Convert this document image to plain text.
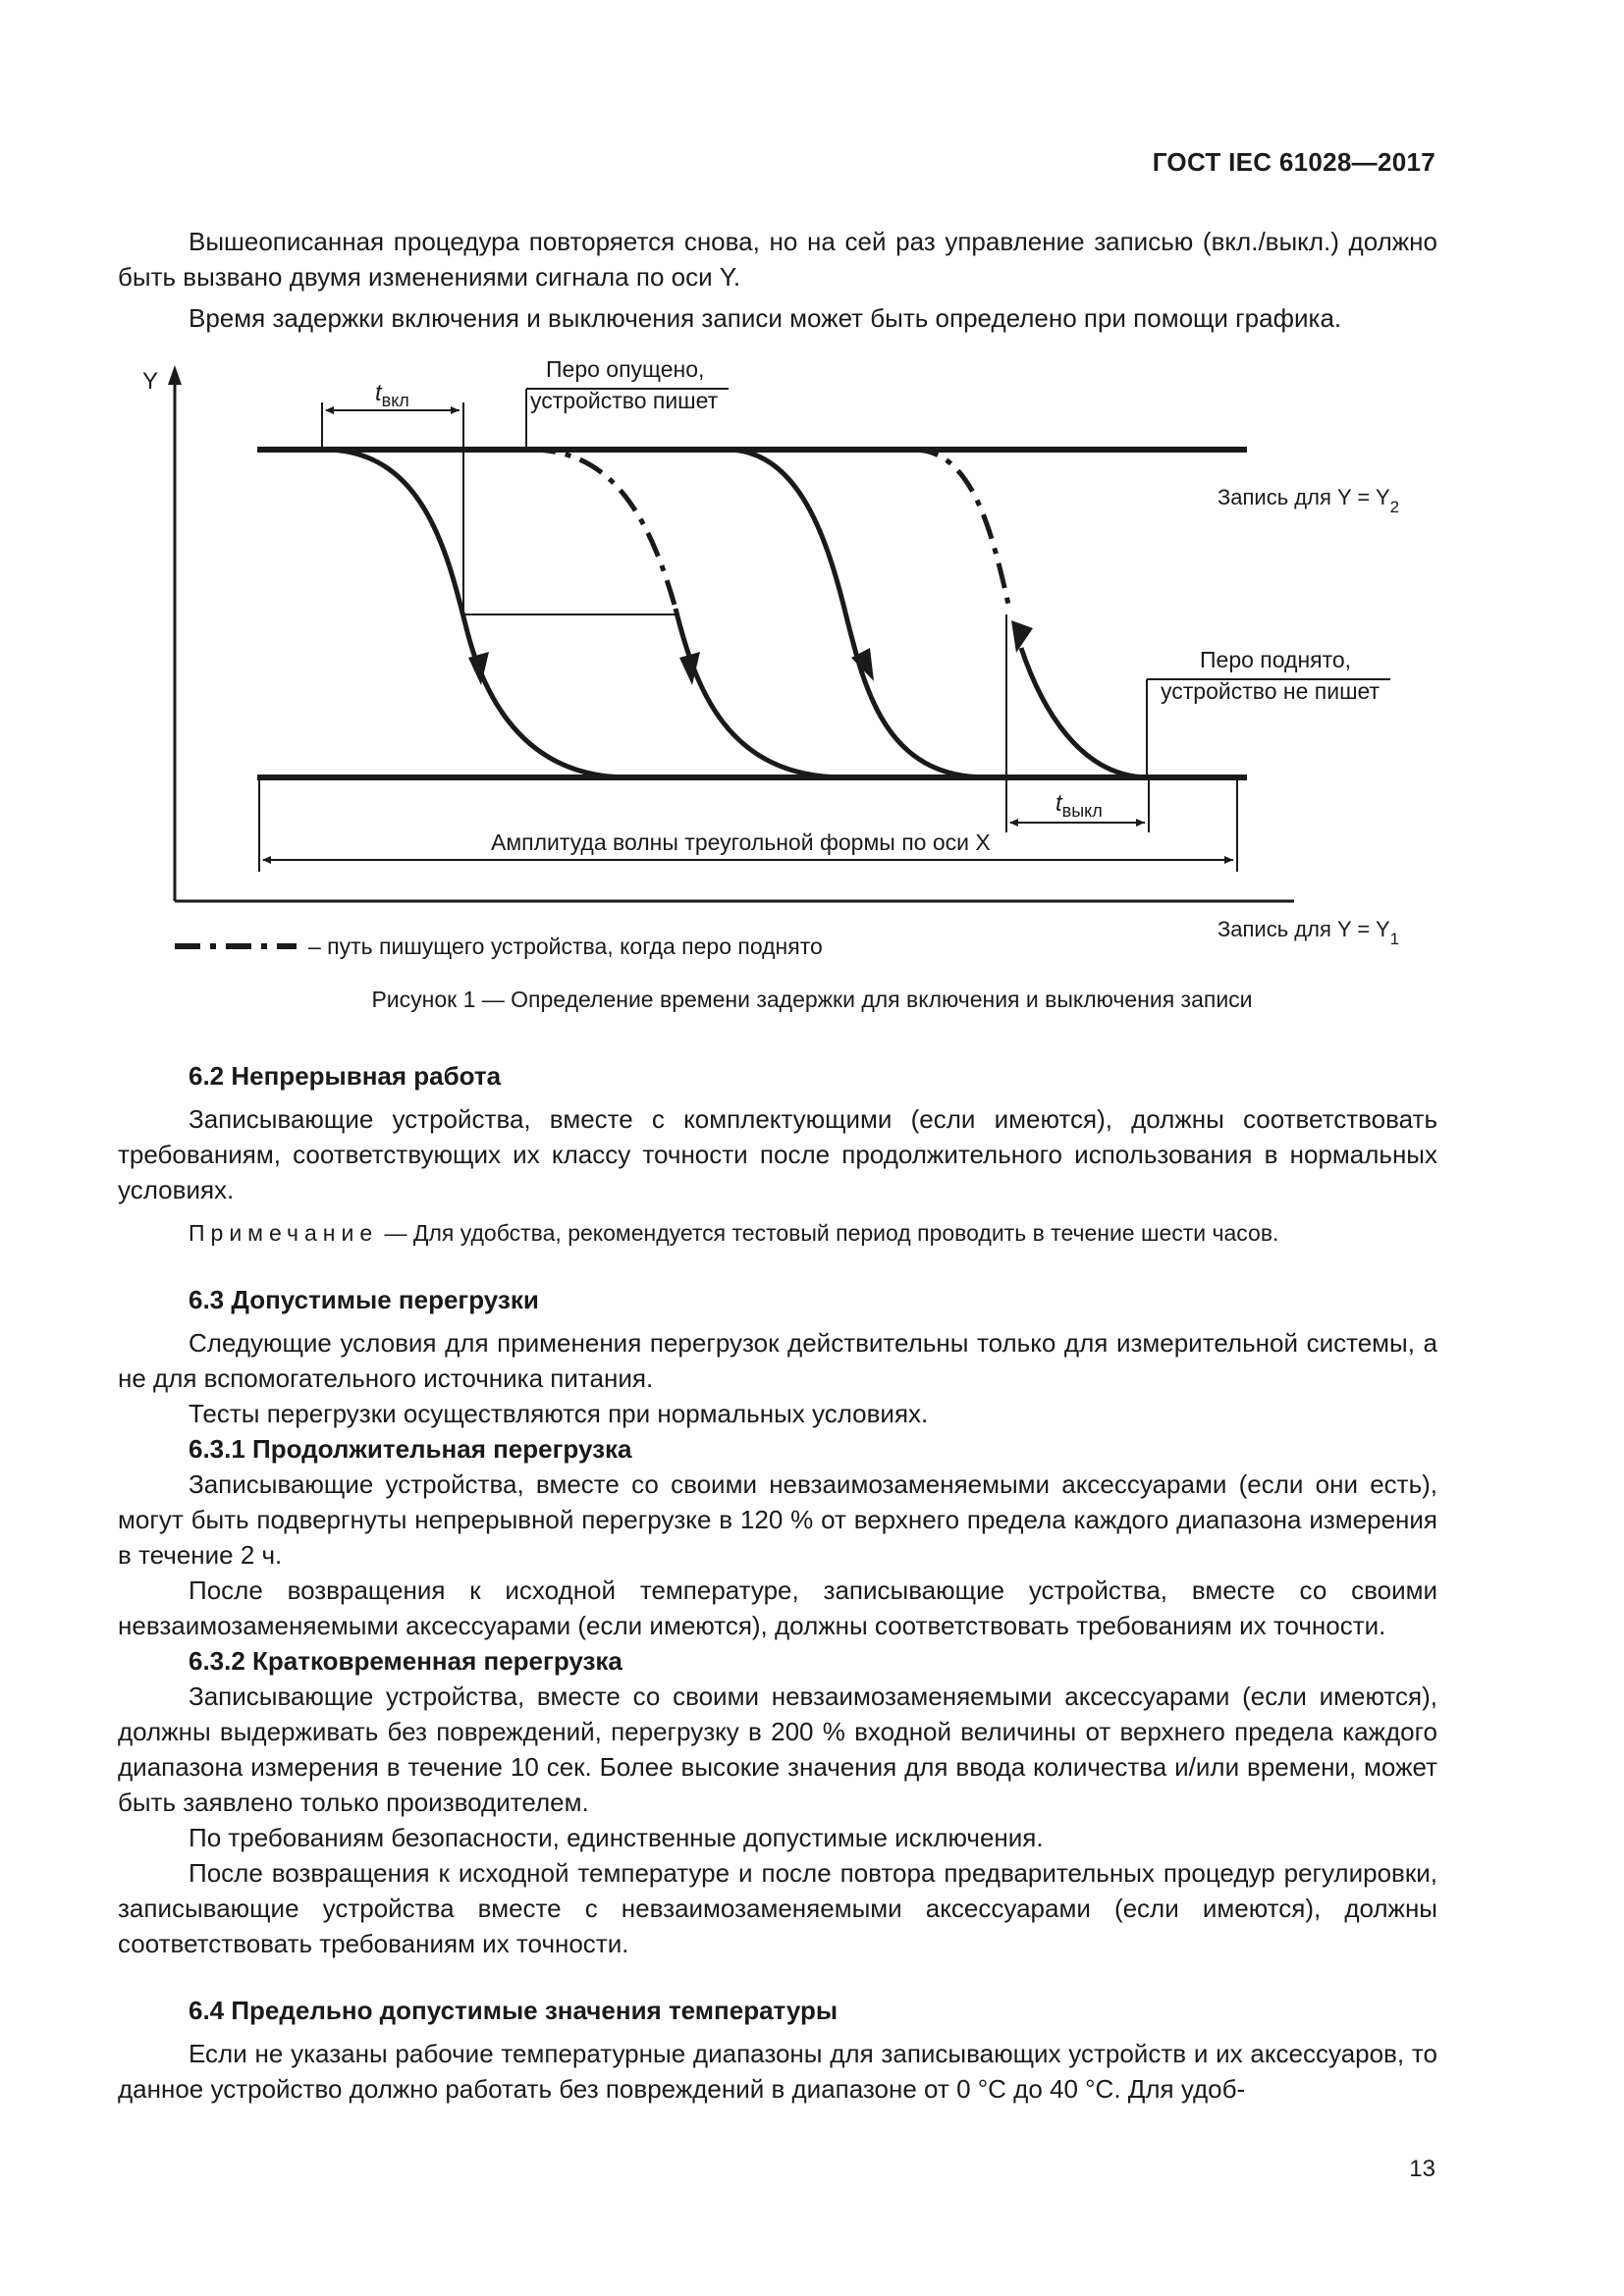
ГОСТ IEC 61028—2017

Вышеописанная процедура повторяется снова, но на сей раз управление записью (вкл./выкл.) должно быть вызвано двумя изменениями сигнала по оси Y.

Время задержки включения и выключения записи может быть определено при помощи графика.

Y	$t_{вкл}$
Перо опущено,
устройство пишет
Запись для $Y = Y_2$
Перо поднято,
устройство не пишет
$t_{выкл}$
Амплитуда волны треугольной формы по оси X
Запись для $Y = Y_1$
– путь пишущего устройства, когда перо поднято
Рисунок 1 — Определение времени задержки для включения и выключения записи
6.2 Непрерывная работа

Записывающие устройства, вместе с комплектующими (если имеются), должны соответствовать требованиям, соответствующих их классу точности после продолжительного использования в нормальных условиях.

Примечание — Для удобства, рекомендуется тестовый период проводить в течение шести часов.
6.3 Допустимые перегрузки

Следующие условия для применения перегрузок действительны только для измерительной системы, а не для вспомогательного источника питания.

Тесты перегрузки осуществляются при нормальных условиях.

6.3.1 Продолжительная перегрузка

Записывающие устройства, вместе со своими невзаимозаменяемыми аксессуарами (если они есть), могут быть подвергнуты непрерывной перегрузке в 120 % от верхнего предела каждого диапазона измерения в течение 2 ч.

После возвращения к исходной температуре, записывающие устройства, вместе со своими невзаимозаменяемыми аксессуарами (если имеются), должны соответствовать требованиям их точности.

6.3.2 Кратковременная перегрузка

Записывающие устройства, вместе со своими невзаимозаменяемыми аксессуарами (если имеются), должны выдерживать без повреждений, перегрузку в 200 % входной величины от верхнего предела каждого диапазона измерения в течение 10 сек. Более высокие значения для ввода количества и/или времени, может быть заявлено только производителем.

По требованиям безопасности, единственные допустимые исключения.

После возвращения к исходной температуре и после повтора предварительных процедур регулировки, записывающие устройства вместе с невзаимозаменяемыми аксессуарами (если имеются), должны соответствовать требованиям их точности.

6.4 Предельно допустимые значения температуры

Если не указаны рабочие температурные диапазоны для записывающих устройств и их аксессуаров, то данное устройство должно работать без повреждений в диапазоне от 0 °С до 40 °С. Для удоб-

13
